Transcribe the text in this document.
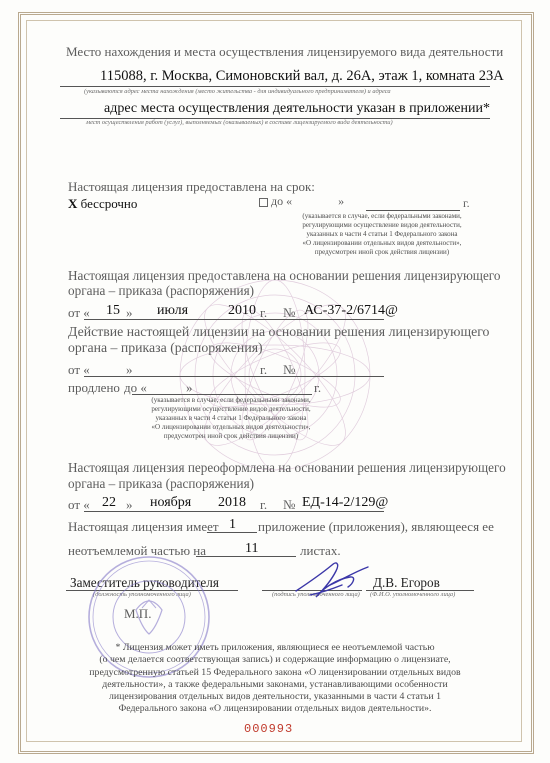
Место нахождения и места осуществления лицензируемого вида деятельности
115088, г. Москва, Симоновский вал, д. 26А, этаж 1, комната 23А
(указываются адрес места нахождения (место жительства - для индивидуального предпринимателя) и адреса
адрес места осуществления деятельности указан в приложении*
мест осуществления работ (услуг), выполняемых (оказываемых) в составе лицензируемого вида деятельности)
Настоящая лицензия предоставлена на срок:
X бессрочно	до «	»	г.
(указывается в случае, если федеральными законами,
регулирующими осуществление видов деятельности,
указанных в части 4 статьи 1 Федерального закона
«О лицензировании отдельных видов деятельности»,
предусмотрен иной срок действия лицензии)
Настоящая лицензия предоставлена на основании решения лицензирующего
органа – приказа (распоряжения)
от « 15 » июля	2010 г. № АС-37-2/6714@
Действие настоящей лицензии на основании решения лицензирующего
органа – приказа (распоряжения)
от «	»	г. №
продлено до «	»	г.
(указывается в случае, если федеральными законами,
регулирующими осуществление видов деятельности,
указанных в части 4 статьи 1 Федерального закона
«О лицензировании отдельных видов деятельности»,
предусмотрен иной срок действия лицензии)
Настоящая лицензия переоформлена на основании решения лицензирующего
органа – приказа (распоряжения)
от « 22 » ноября 2018 г. № ЕД-14-2/129@
Настоящая лицензия имеет 1 приложение (приложения), являющееся ее
неотъемлемой частью на	11	листах.
Заместитель руководителя
(должность уполномоченного лица)	(подпись уполномоченного лица)
Д.В. Егоров
(Ф.И.О. уполномоченного лица)
М.П.
* Лицензия может иметь приложения, являющиеся ее неотъемлемой частью
(о чем делается соответствующая запись) и содержащие информацию о лицензиате,
предусмотренную статьей 15 Федерального закона «О лицензировании отдельных видов
деятельности», а также федеральными законами, устанавливающими особенности
лицензирования отдельных видов деятельности, указанными в части 4 статьи 1
Федерального закона «О лицензировании отдельных видов деятельности».
000993
